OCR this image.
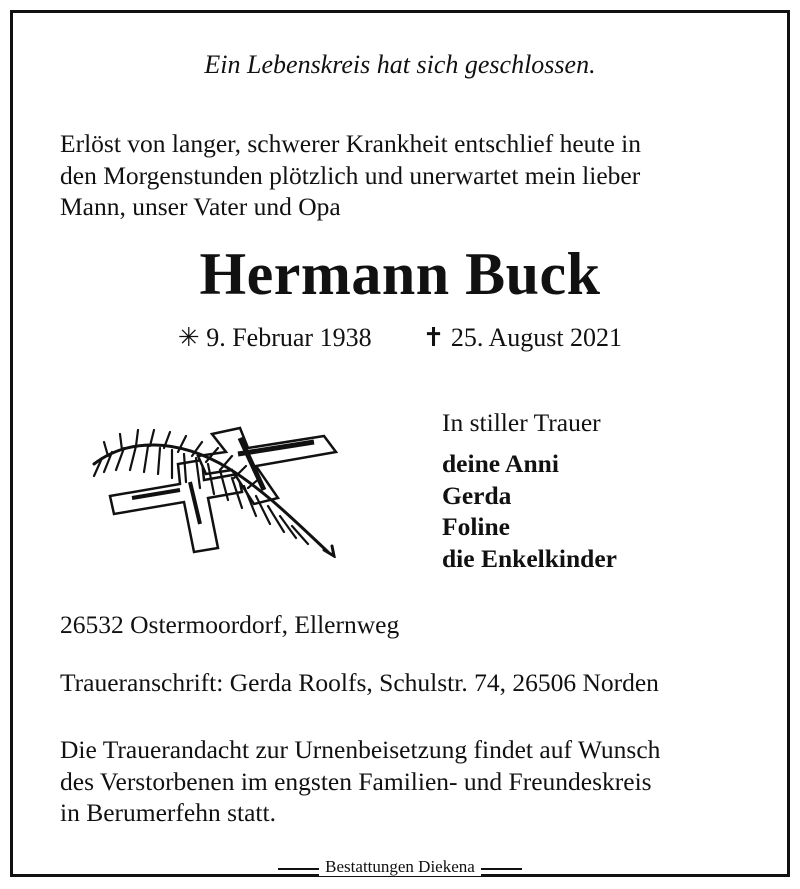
Ein Lebenskreis hat sich geschlossen.

Erlöst von langer, schwerer Krankheit entschlief heute in
den Morgenstunden plötzlich und unerwartet mein lieber
Mann, unser Vater und Opa
Hermann Buck
✳ 9. Februar 1938 ✝ 25. August 2021

In stiller Trauer

deine Anni
Gerda
Foline
die Enkelkinder

26532 Ostermoordorf, Ellernweg

Traueranschrift: Gerda Roolfs, Schulstr. 74, 26506 Norden

Die Trauerandacht zur Urnenbeisetzung findet auf Wunsch
des Verstorbenen im engsten Familien- und Freundeskreis
in Berumerfehn statt.
Bestattungen Diekena
